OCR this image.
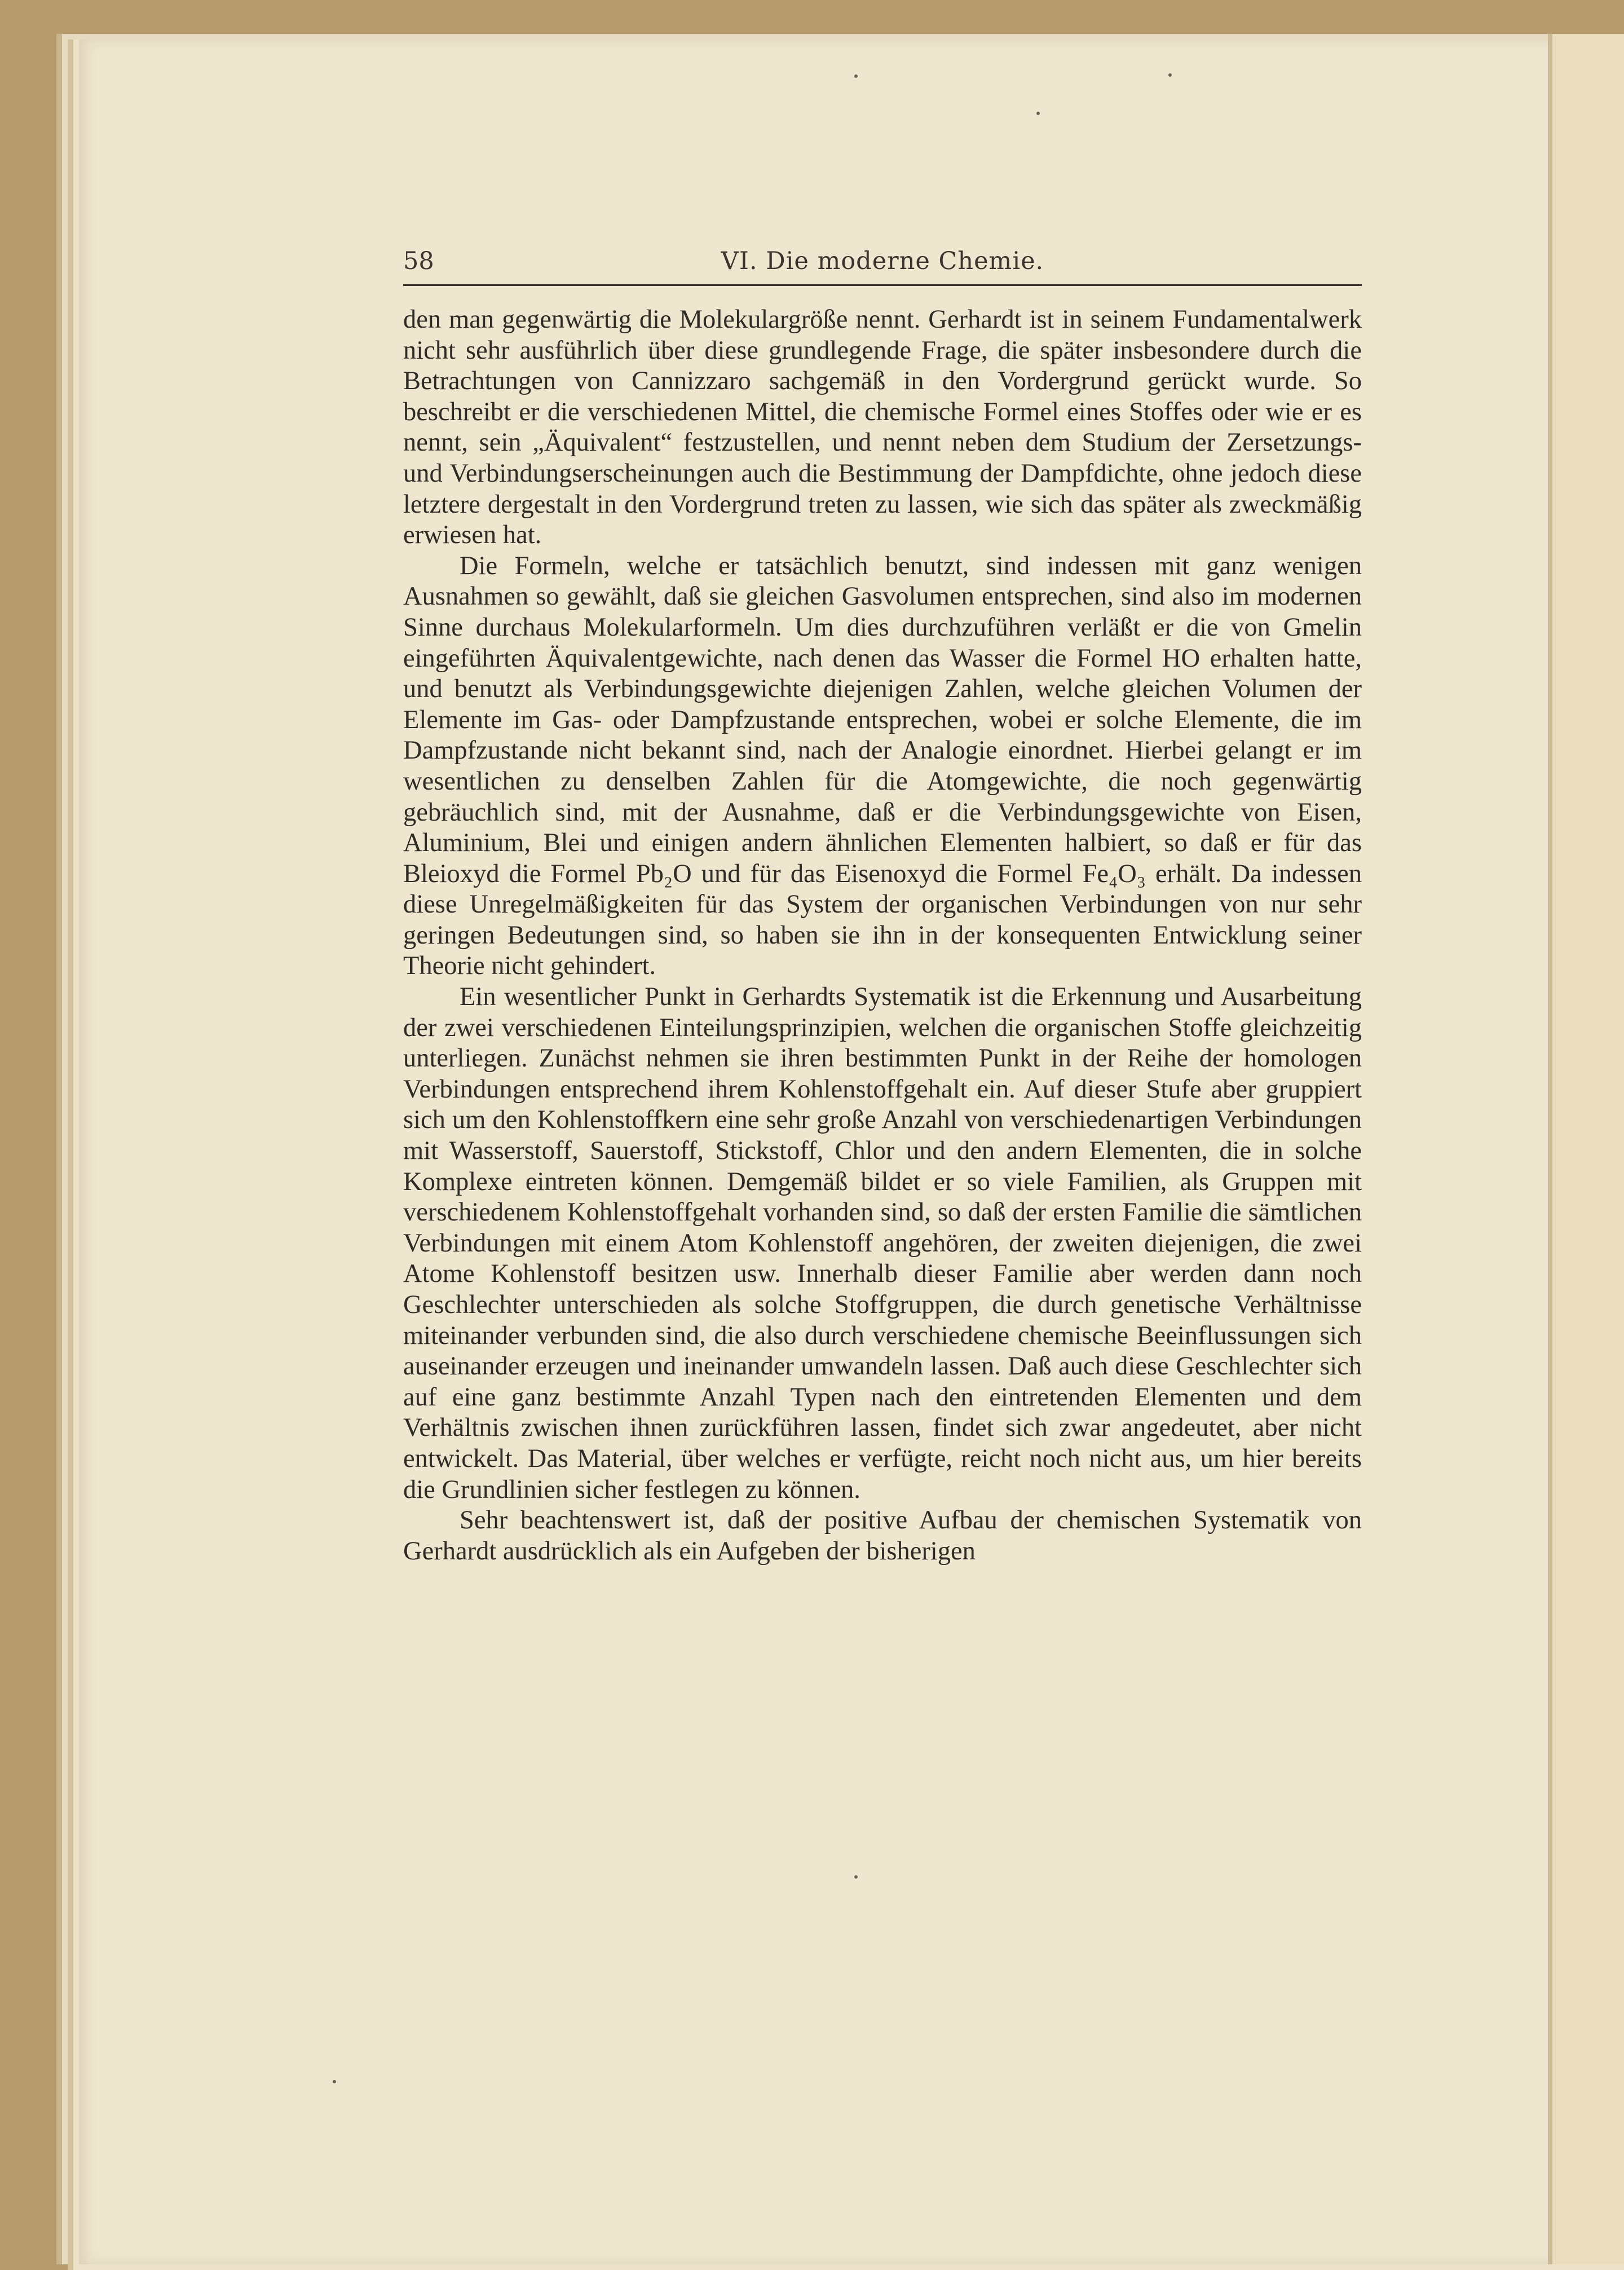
58	VI. Die moderne Chemie.

den man gegenwärtig die Molekulargröße nennt. Gerhardt ist in seinem Fundamentalwerk nicht sehr ausführlich über diese grundlegende Frage, die später insbesondere durch die Betrachtungen von Cannizzaro sachgemäß in den Vordergrund gerückt wurde. So beschreibt er die verschiedenen Mittel, die chemische Formel eines Stoffes oder wie er es nennt, sein „Äquivalent“ festzustellen, und nennt neben dem Studium der Zersetzungs- und Verbindungserscheinungen auch die Bestimmung der Dampfdichte, ohne jedoch diese letztere dergestalt in den Vordergrund treten zu lassen, wie sich das später als zweckmäßig erwiesen hat.

Die Formeln, welche er tatsächlich benutzt, sind indessen mit ganz wenigen Ausnahmen so gewählt, daß sie gleichen Gasvolumen entsprechen, sind also im modernen Sinne durchaus Molekularformeln. Um dies durchzuführen verläßt er die von Gmelin eingeführten Äquivalentgewichte, nach denen das Wasser die Formel HO erhalten hatte, und benutzt als Verbindungsgewichte diejenigen Zahlen, welche gleichen Volumen der Elemente im Gas- oder Dampfzustande entsprechen, wobei er solche Elemente, die im Dampfzustande nicht bekannt sind, nach der Analogie einordnet. Hierbei gelangt er im wesentlichen zu denselben Zahlen für die Atomgewichte, die noch gegenwärtig gebräuchlich sind, mit der Ausnahme, daß er die Verbindungsgewichte von Eisen, Aluminium, Blei und einigen andern ähnlichen Elementen halbiert, so daß er für das Bleioxyd die Formel Pb₂O und für das Eisenoxyd die Formel Fe₄O₃ erhält. Da indessen diese Unregelmäßigkeiten für das System der organischen Verbindungen von nur sehr geringen Bedeutungen sind, so haben sie ihn in der konsequenten Entwicklung seiner Theorie nicht gehindert.

Ein wesentlicher Punkt in Gerhardts Systematik ist die Erkennung und Ausarbeitung der zwei verschiedenen Einteilungsprinzipien, welchen die organischen Stoffe gleichzeitig unterliegen. Zunächst nehmen sie ihren bestimmten Punkt in der Reihe der homologen Verbindungen entsprechend ihrem Kohlenstoffgehalt ein. Auf dieser Stufe aber gruppiert sich um den Kohlenstoffkern eine sehr große Anzahl von verschiedenartigen Verbindungen mit Wasserstoff, Sauerstoff, Stickstoff, Chlor und den andern Elementen, die in solche Komplexe eintreten können. Demgemäß bildet er so viele Familien, als Gruppen mit verschiedenem Kohlenstoffgehalt vorhanden sind, so daß der ersten Familie die sämtlichen Verbindungen mit einem Atom Kohlenstoff angehören, der zweiten diejenigen, die zwei Atome Kohlenstoff besitzen usw. Innerhalb dieser Familie aber werden dann noch Geschlechter unterschieden als solche Stoffgruppen, die durch genetische Verhältnisse miteinander verbunden sind, die also durch verschiedene chemische Beeinflussungen sich auseinander erzeugen und ineinander umwandeln lassen. Daß auch diese Geschlechter sich auf eine ganz bestimmte Anzahl Typen nach den eintretenden Elementen und dem Verhältnis zwischen ihnen zurückführen lassen, findet sich zwar angedeutet, aber nicht entwickelt. Das Material, über welches er verfügte, reicht noch nicht aus, um hier bereits die Grundlinien sicher festlegen zu können.

Sehr beachtenswert ist, daß der positive Aufbau der chemischen Systematik von Gerhardt ausdrücklich als ein Aufgeben der bisherigen
